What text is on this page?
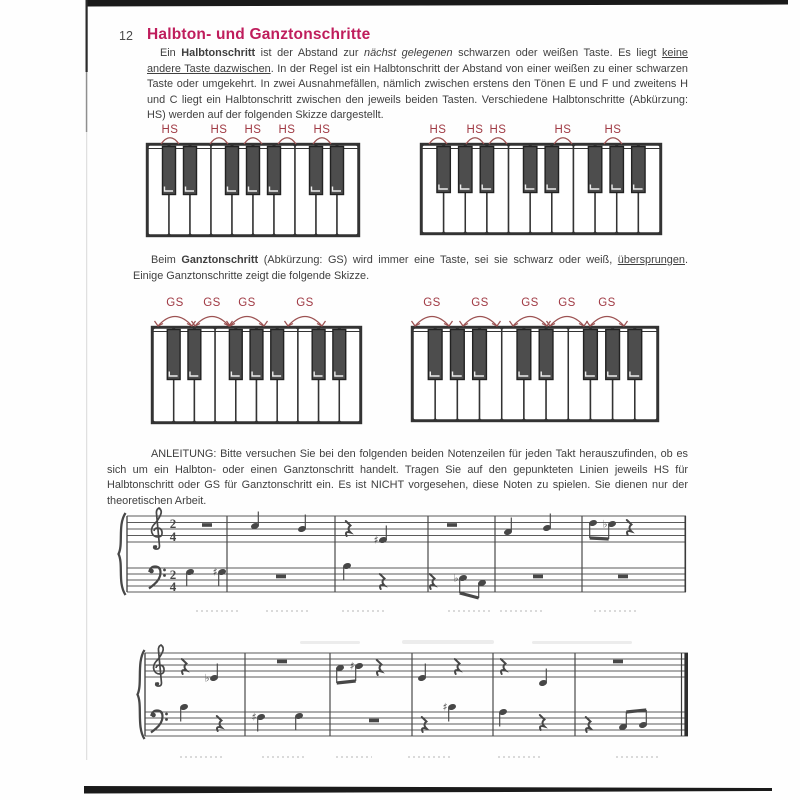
HS	HS HS HS HS	HS HS HS	HS	HS
GS GS GS	GS	GS	GS	GS GS GS
2
4
2
4
♯
♭
♯	♭
♭
♯
♯
♯
12 Halbton- und Ganztonschritte
Ein Halbtonschritt ist der Abstand zur nächst gelegenen schwarzen oder weißen Taste. Es liegt keine andere Taste dazwischen. In der Regel ist ein Halbtonschritt der Abstand von einer weißen zu einer schwarzen Taste oder umgekehrt. In zwei Ausnahmefällen, nämlich zwischen erstens den Tönen E und F und zweitens H und C liegt ein Halbtonschritt zwischen den jeweils beiden Tasten. Verschiedene Halbtonschritte (Abkürzung: HS) werden auf der folgenden Skizze dargestellt.
Beim Ganztonschritt (Abkürzung: GS) wird immer eine Taste, sei sie schwarz oder weiß, übersprungen. Einige Ganztonschritte zeigt die folgende Skizze.
ANLEITUNG: Bitte versuchen Sie bei den folgenden beiden Notenzeilen für jeden Takt herauszufinden, ob es sich um ein Halbton- oder einen Ganztonschritt handelt. Tragen Sie auf den gepunkteten Linien jeweils HS für Halbtonschritt oder GS für Ganztonschritt ein. Es ist NICHT vorgesehen, diese Noten zu spielen. Sie dienen nur der theoretischen Arbeit.
